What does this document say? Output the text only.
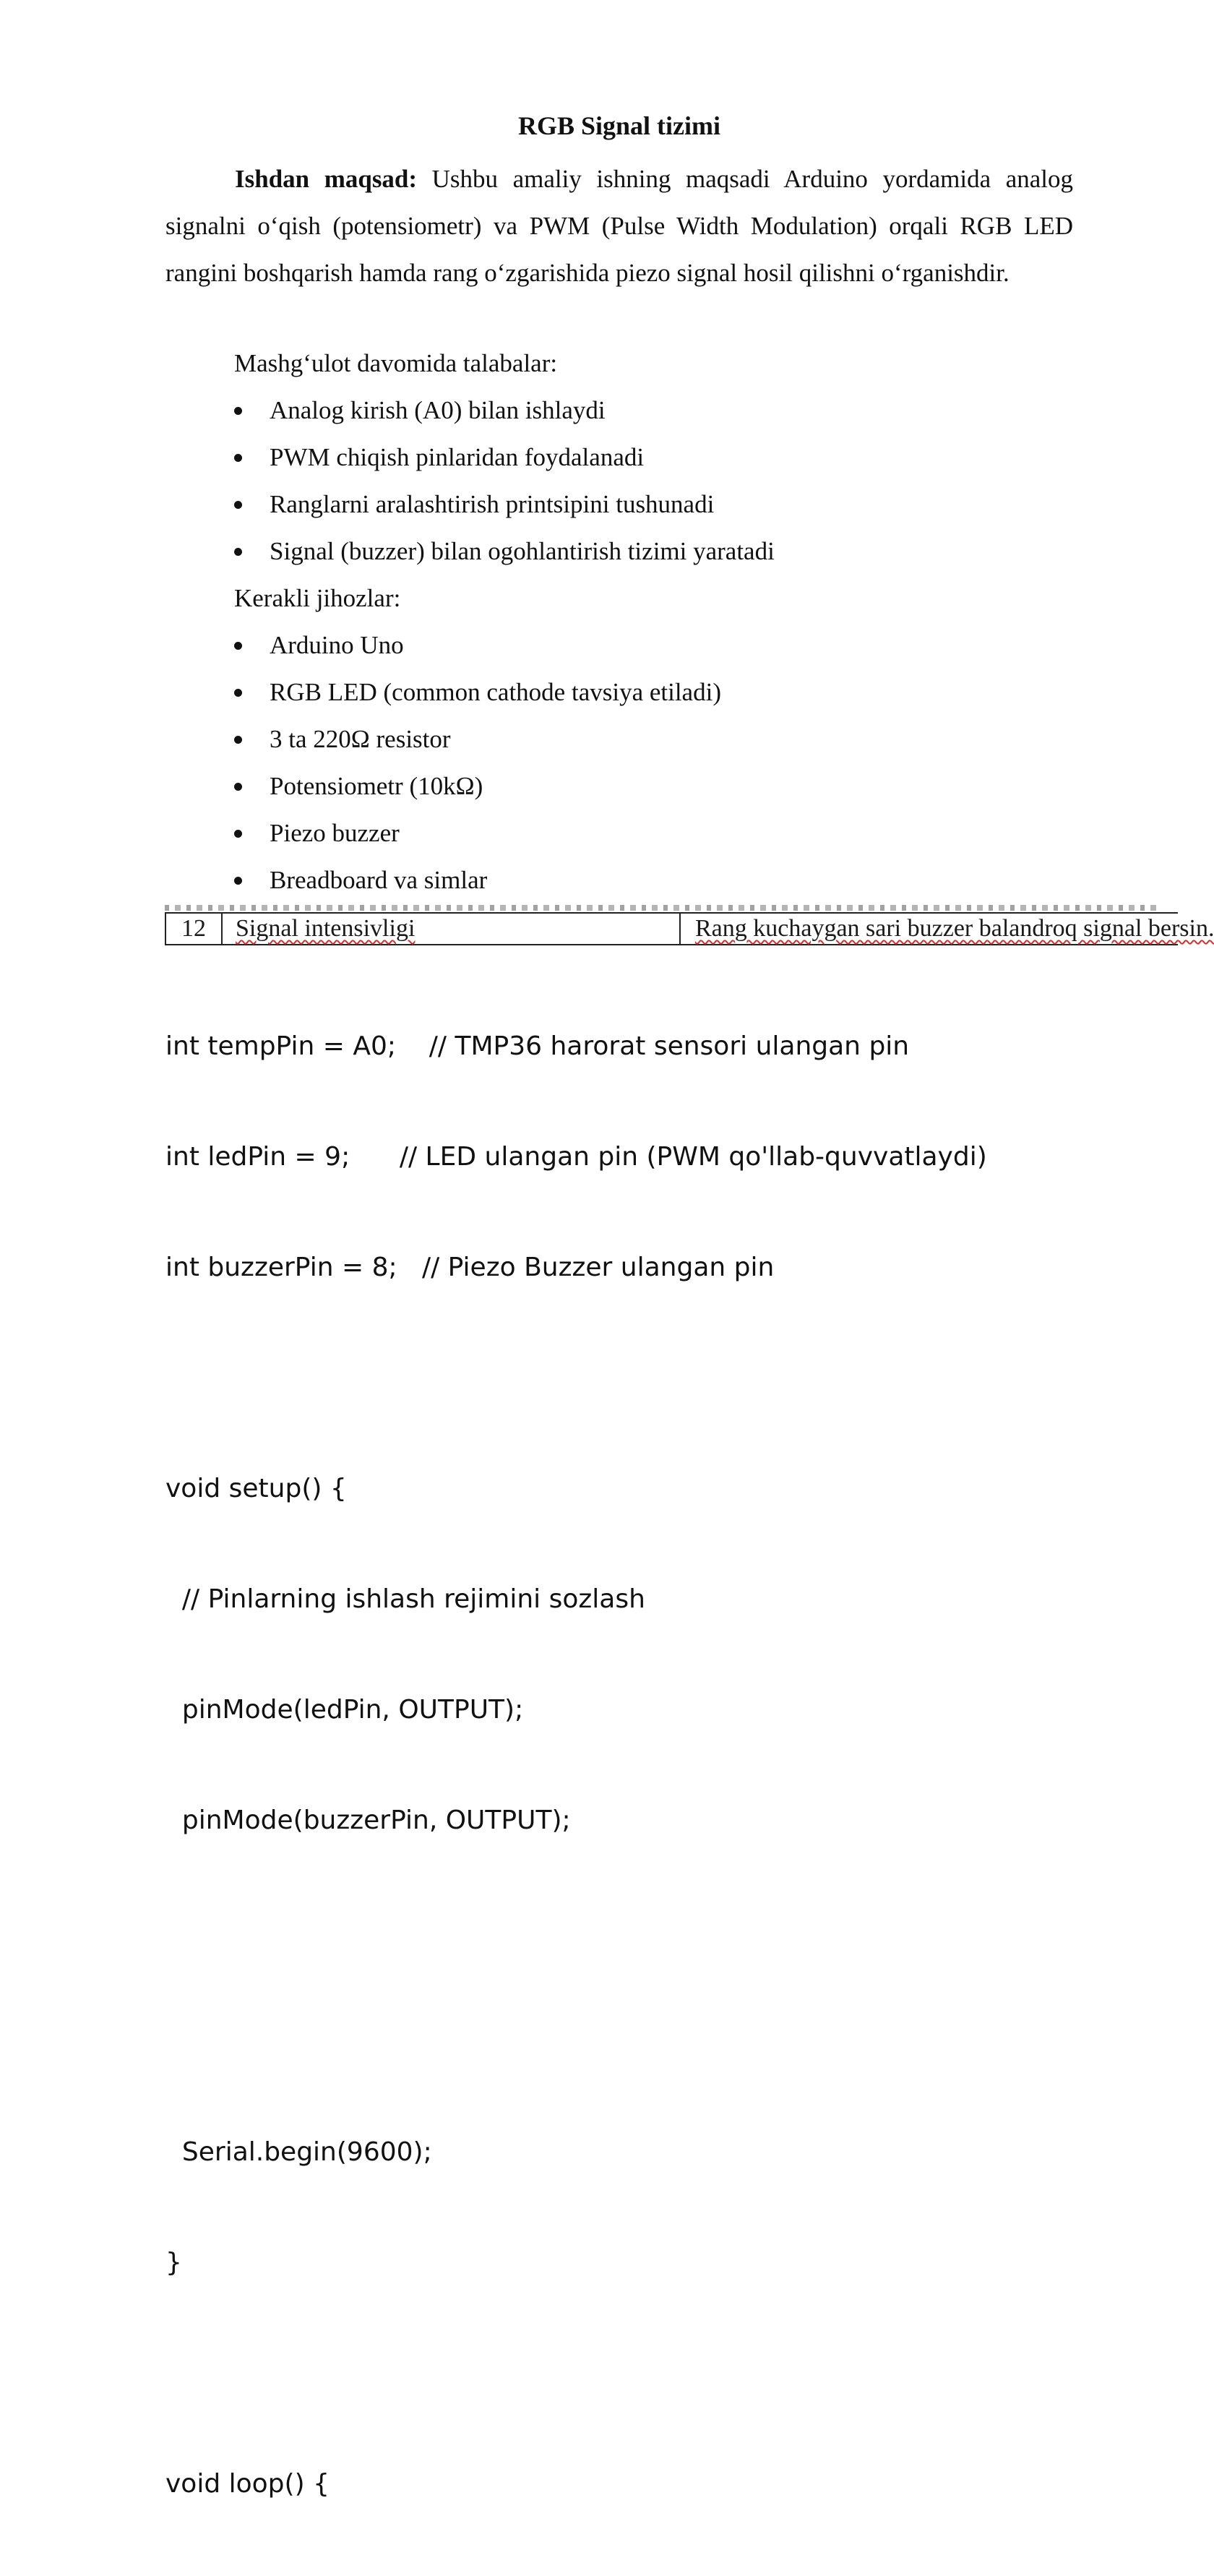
RGB Signal tizimi
Ishdan maqsad: Ushbu amaliy ishning maqsadi Arduino yordamida analog signalni o‘qish (potensiometr) va PWM (Pulse Width Modulation) orqali RGB LED rangini boshqarish hamda rang o‘zgarishida piezo signal hosil qilishni o‘rganishdir.
Mashg‘ulot davomida talabalar:
Analog kirish (A0) bilan ishlaydi
PWM chiqish pinlaridan foydalanadi
Ranglarni aralashtirish printsipini tushunadi
Signal (buzzer) bilan ogohlantirish tizimi yaratadi
Kerakli jihozlar:
Arduino Uno
RGB LED (common cathode tavsiya etiladi)
3 ta 220Ω resistor
Potensiometr (10kΩ)
Piezo buzzer
Breadboard va simlar
12	Signal intensivligi	Rang kuchaygan sari buzzer balandroq signal bersin.

int tempPin = A0;    // TMP36 harorat sensori ulangan pin

int ledPin = 9;      // LED ulangan pin (PWM qo'llab-quvvatlaydi)

int buzzerPin = 8;   // Piezo Buzzer ulangan pin

void setup() {

// Pinlarning ishlash rejimini sozlash

pinMode(ledPin, OUTPUT);

pinMode(buzzerPin, OUTPUT);

Serial.begin(9600);

}

void loop() {
